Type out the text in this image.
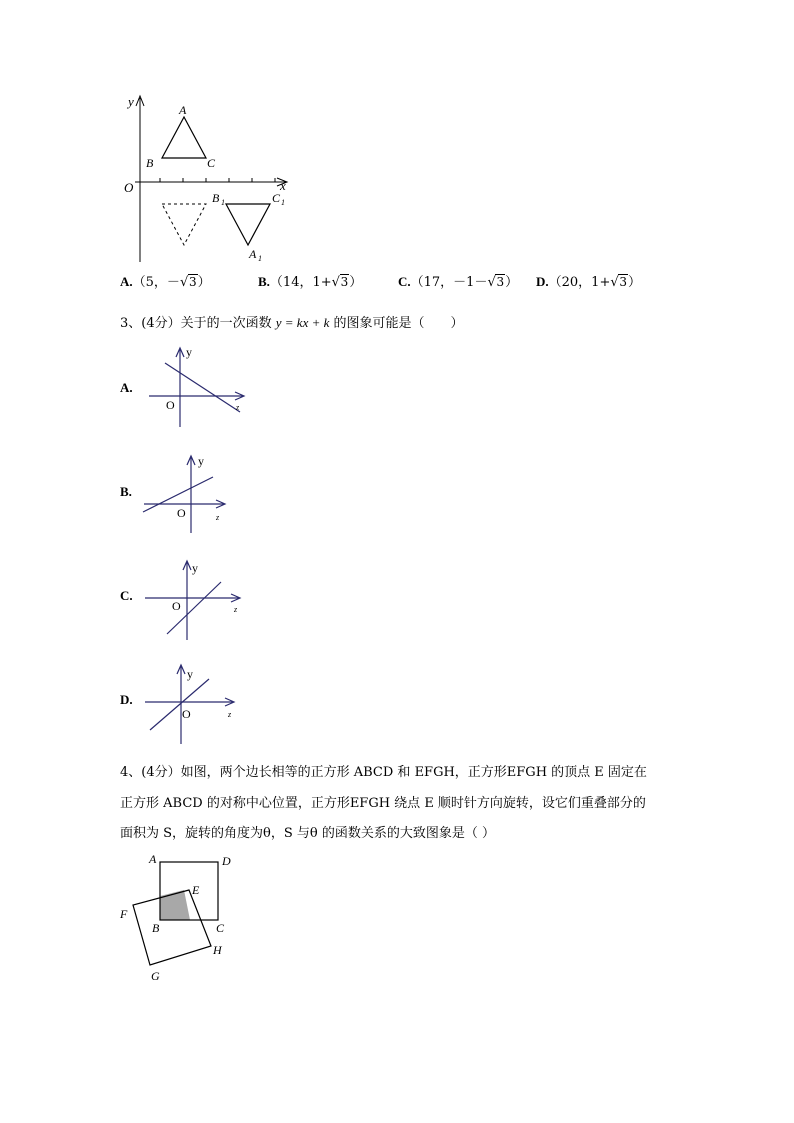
y
x
O
A
B	C
B 1	C 1
A 1
A.（5，－ √ 3）	B.（14，1+ √ 3）	C.（17，－1－ √ 3） D.（20，1+ √ 3）
3、(4分）关于的一次函数 y = kx + k 的图象可能是（　　）
A.
y
z
O
B.
y
z
O
C.
y
z
O
D.
y
z
O
4、(4分）如图，两个边长相等的正方形 ABCD 和 EFGH，正方形EFGH 的顶点 E 固定在
正方形 ABCD 的对称中心位置，正方形EFGH 绕点 E 顺时针方向旋转，设它们重叠部分的
面积为 S，旋转的角度为θ，S 与θ 的函数关系的大致图象是（ ）
A	D
E
F
B	C
H
G
